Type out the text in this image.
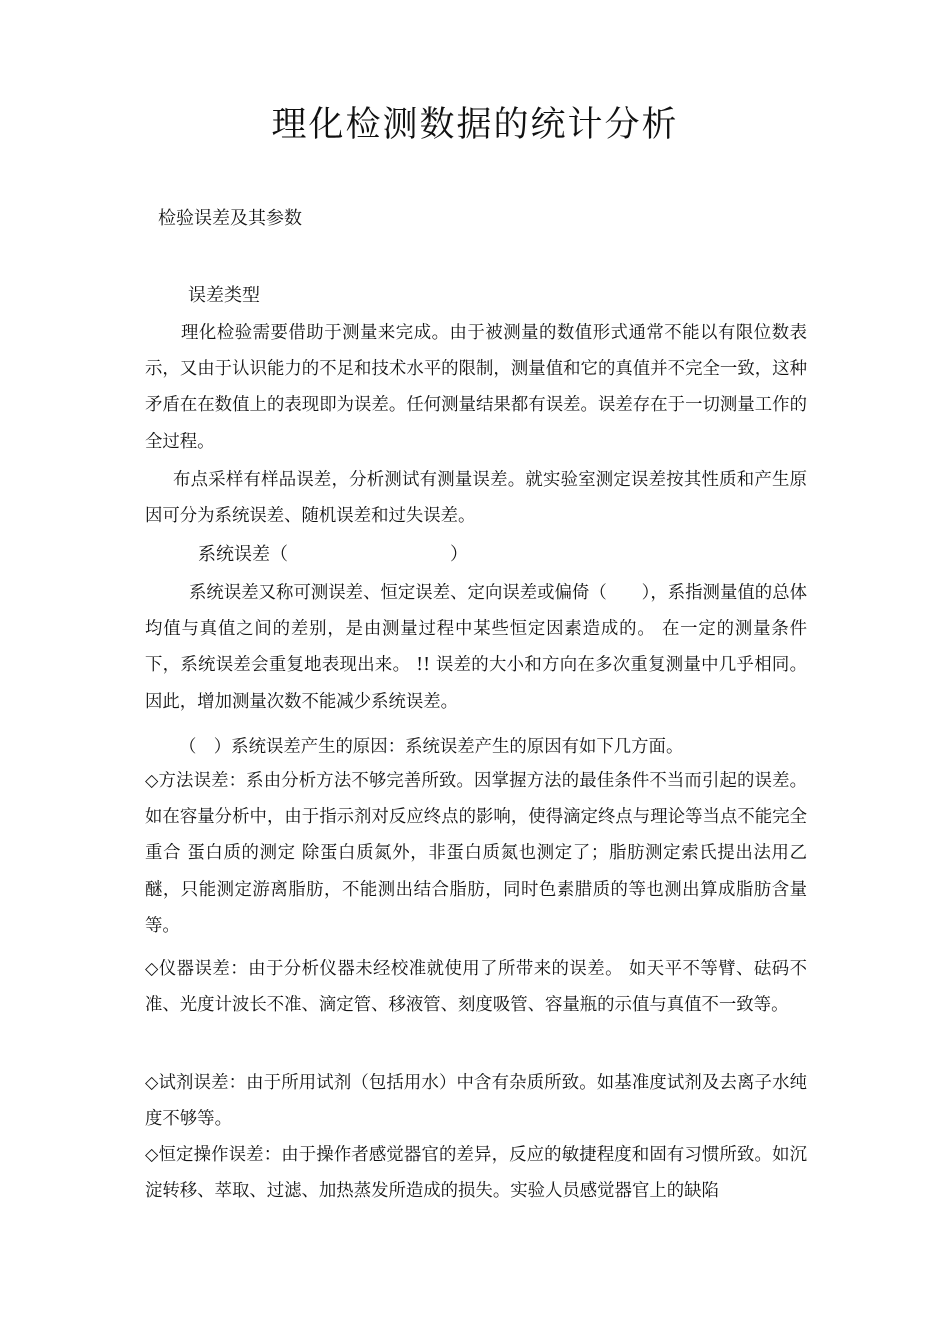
理化检测数据的统计分析
检验误差及其参数
误差类型
理化检验需要借助于测量来完成。由于被测量的数值形式通常不能以有限位数表示，又由于认识能力的不足和技术水平的限制，测量值和它的真值并不完全一致，这种矛盾在在数值上的表现即为误差。任何测量结果都有误差。误差存在于一切测量工作的全过程。
布点采样有样品误差，分析测试有测量误差。就实验室测定误差按其性质和产生原因可分为系统误差、随机误差和过失误差。
系统误差（　　　　　　　　　）
系统误差又称可测误差、恒定误差、定向误差或偏倚（　　），系指测量值的总体均值与真值之间的差别，是由测量过程中某些恒定因素造成的。 在一定的测量条件下，系统误差会重复地表现出来。 !! 误差的大小和方向在多次重复测量中几乎相同。因此，增加测量次数不能减少系统误差。
（　）系统误差产生的原因：系统误差产生的原因有如下几方面。
◇方法误差：系由分析方法不够完善所致。因掌握方法的最佳条件不当而引起的误差。如在容量分析中，由于指示剂对反应终点的影响，使得滴定终点与理论等当点不能完全重合 蛋白质的测定 除蛋白质氮外，非蛋白质氮也测定了；脂肪测定索氏提出法用乙醚，只能测定游离脂肪，不能测出结合脂肪，同时色素腊质的等也测出算成脂肪含量等。
◇仪器误差：由于分析仪器未经校准就使用了所带来的误差。 如天平不等臂、砝码不准、光度计波长不准、滴定管、移液管、刻度吸管、容量瓶的示值与真值不一致等。
◇试剂误差：由于所用试剂（包括用水）中含有杂质所致。如基准度试剂及去离子水纯度不够等。
◇恒定操作误差：由于操作者感觉器官的差异，反应的敏捷程度和固有习惯所致。如沉淀转移、萃取、过滤、加热蒸发所造成的损失。实验人员感觉器官上的缺陷
